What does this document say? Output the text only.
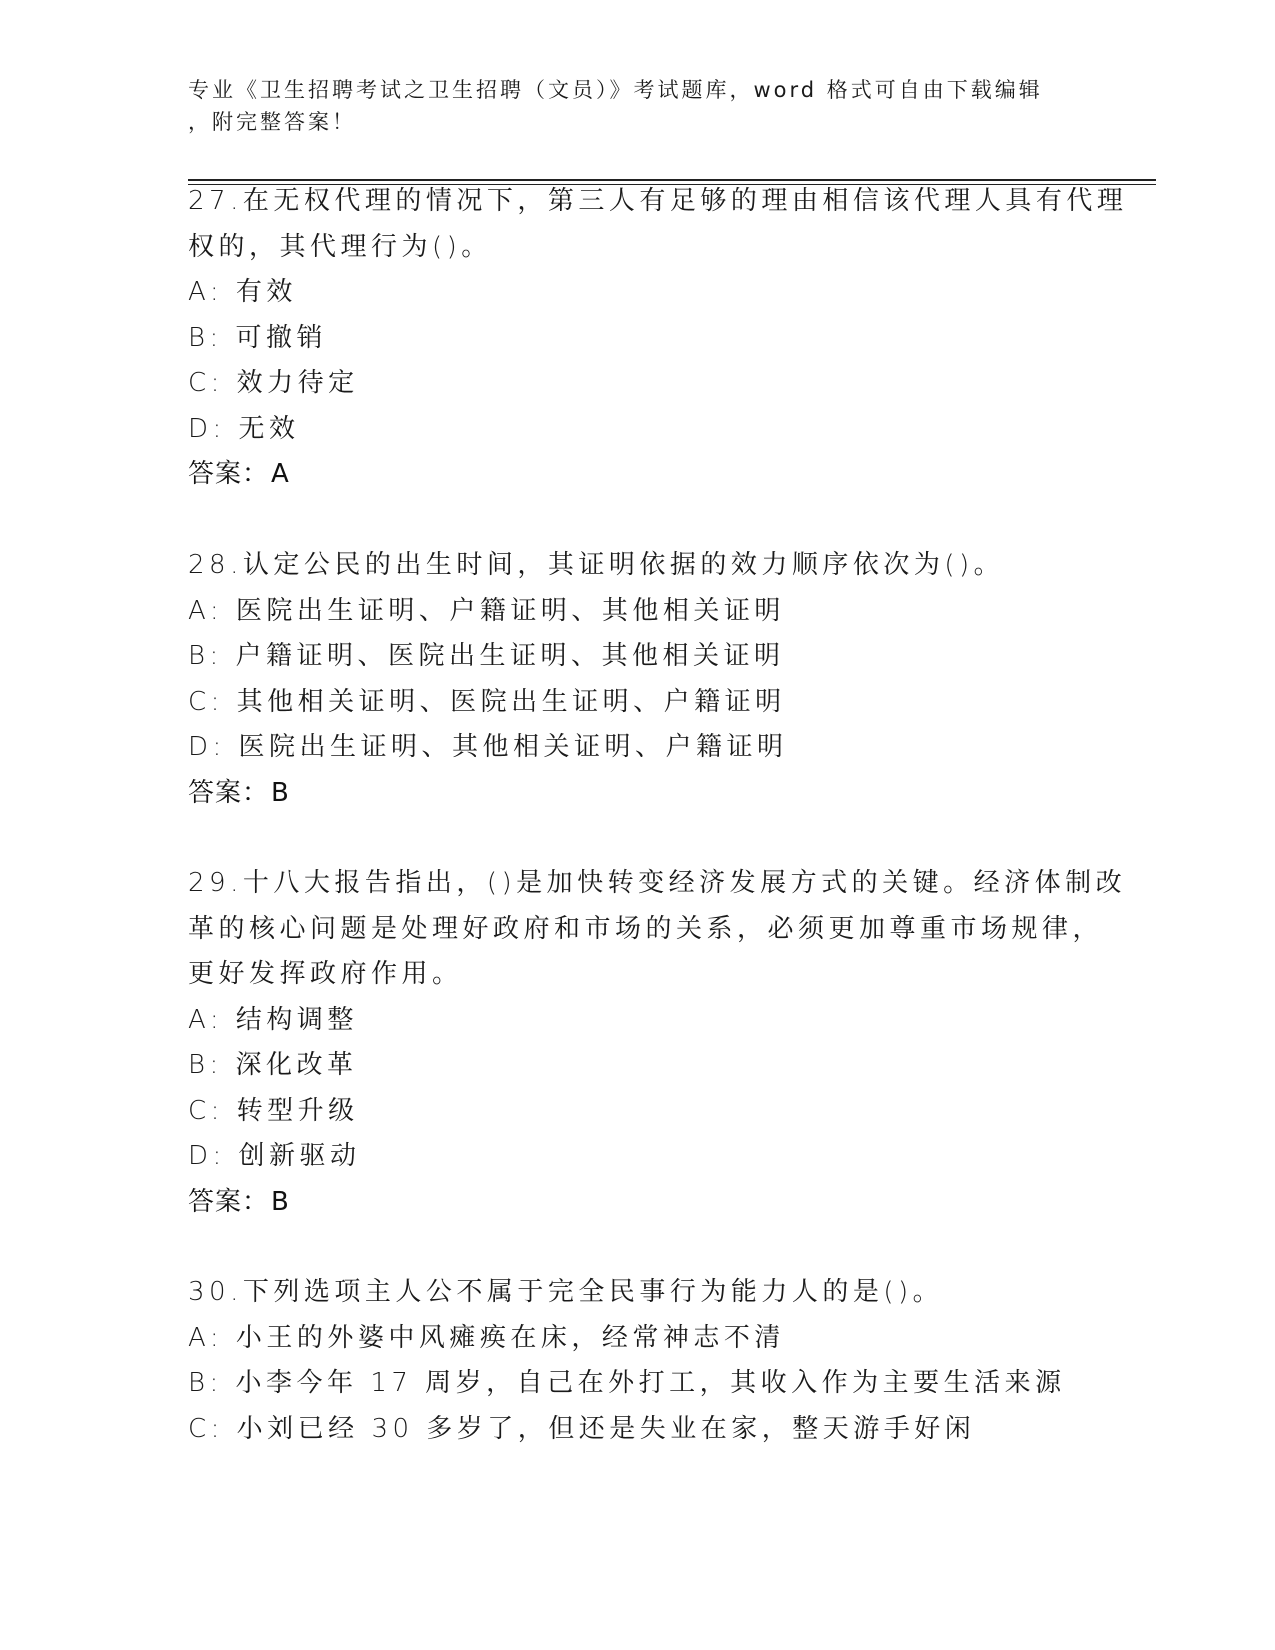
专业《卫生招聘考试之卫生招聘（文员）》考试题库，word 格式可自由下载编辑
，附完整答案！
27.在无权代理的情况下，第三人有足够的理由相信该代理人具有代理
权的，其代理行为()。
A: 有效
B: 可撤销
C: 效力待定
D: 无效
答案：A
28.认定公民的出生时间，其证明依据的效力顺序依次为()。
A: 医院出生证明、户籍证明、其他相关证明
B: 户籍证明、医院出生证明、其他相关证明
C: 其他相关证明、医院出生证明、户籍证明
D: 医院出生证明、其他相关证明、户籍证明
答案：B
29.十八大报告指出，()是加快转变经济发展方式的关键。经济体制改
革的核心问题是处理好政府和市场的关系，必须更加尊重市场规律，
更好发挥政府作用。
A: 结构调整
B: 深化改革
C: 转型升级
D: 创新驱动
答案：B
30.下列选项主人公不属于完全民事行为能力人的是()。
A: 小王的外婆中风瘫痪在床，经常神志不清
B: 小李今年 17 周岁，自己在外打工，其收入作为主要生活来源
C: 小刘已经 30 多岁了，但还是失业在家，整天游手好闲
